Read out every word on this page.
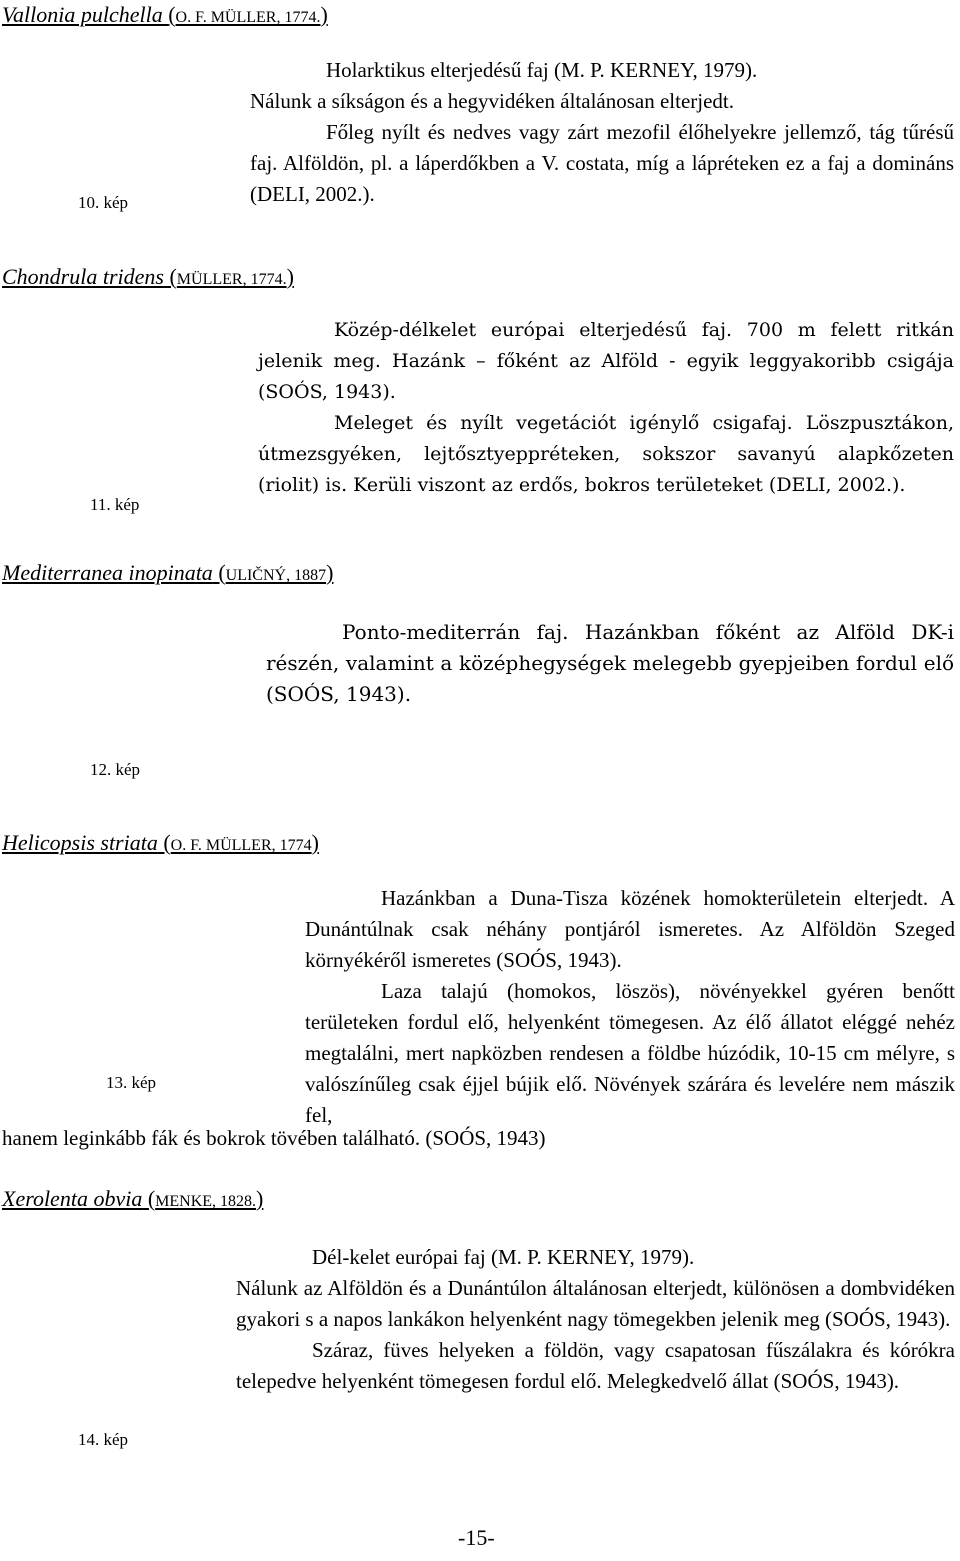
Vallonia pulchella (O. F. MÜLLER, 1774.)
10. kép

Holarktikus elterjedésű faj (M. P. KERNEY, 1979).

Nálunk a síkságon és a hegyvidéken általánosan elterjedt.

Főleg nyílt és nedves vagy zárt mezofil élőhelyekre jellemző, tág tűrésű faj. Alföldön, pl. a láperdőkben a V. costata, míg a lápréteken ez a faj a domináns (DELI, 2002.).

Chondrula tridens (MÜLLER, 1774.)
11. kép

Közép-délkelet európai elterjedésű faj. 700 m felett ritkán jelenik meg. Hazánk – főként az Alföld - egyik leggyakoribb csigája (SOÓS, 1943).

Meleget és nyílt vegetációt igénylő csigafaj. Löszpusztákon, útmezsgyéken, lejtősztyeppréteken, sokszor savanyú alapkőzeten (riolit) is. Kerüli viszont az erdős, bokros területeket (DELI, 2002.).

Mediterranea inopinata (ULIČNÝ, 1887)

Ponto-mediterrán faj. Hazánkban főként az Alföld DK-i részén, valamint a középhegységek melegebb gyepjeiben fordul elő (SOÓS, 1943).

12. kép
Helicopsis striata (O. F. MÜLLER, 1774)

Hazánkban a Duna-Tisza közének homokterületein elterjedt. A Dunántúlnak csak néhány pontjáról ismeretes. Az Alföldön Szeged környékéről ismeretes (SOÓS, 1943).

Laza talajú (homokos, löszös), növényekkel gyéren benőtt területeken fordul elő, helyenként tömegesen. Az élő állatot eléggé nehéz megtalálni, mert napközben rendesen a földbe húzódik, 10-15 cm mélyre, s valószínűleg csak éjjel bújik elő. Növények szárára és levelére nem mászik fel,

hanem leginkább fák és bokrok tövében található. (SOÓS, 1943)

13. kép
Xerolenta obvia (MENKE, 1828.)

Dél-kelet európai faj (M. P. KERNEY, 1979).

Nálunk az Alföldön és a Dunántúlon általánosan elterjedt, különösen a dombvidéken gyakori s a napos lankákon helyenként nagy tömegekben jelenik meg (SOÓS, 1943).

Száraz, füves helyeken a földön, vagy csapatosan fűszálakra és kórókra telepedve helyenként tömegesen fordul elő. Melegkedvelő állat (SOÓS, 1943).

14. kép
-15-
